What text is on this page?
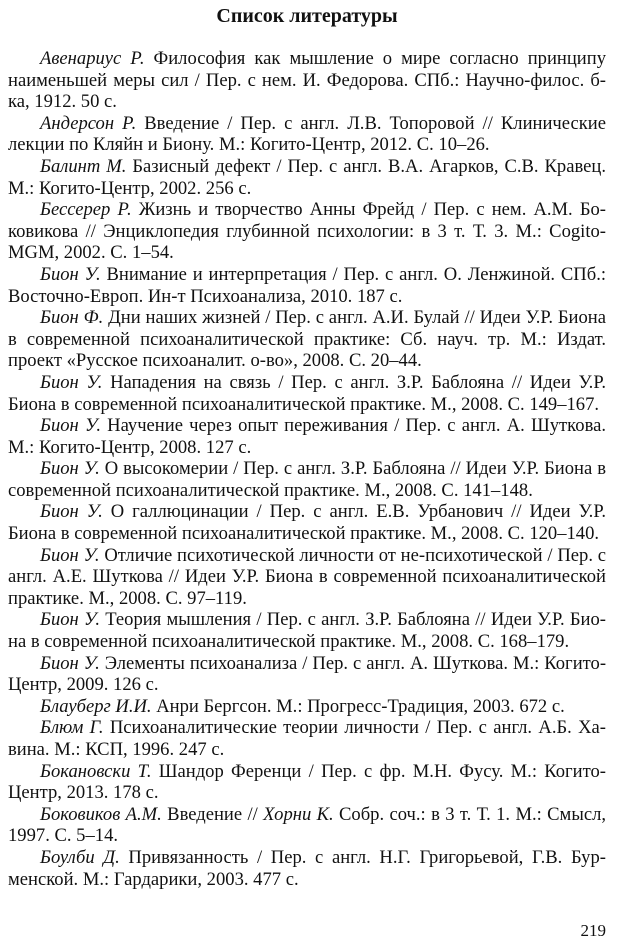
Список литературы

Авенариус Р. Философия как мышление о мире согласно принципу наименьшей меры сил / Пер. с нем. И. Федорова. СПб.: Научно-филос. б-ка, 1912. 50 с.

Андерсон Р. Введение / Пер. с англ. Л.В. Топоровой // Клинические лекции по Кляйн и Биону. М.: Когито-Центр, 2012. С. 10–26.

Балинт М. Базисный дефект / Пер. с англ. В.А. Агарков, С.В. Кравец. М.: Когито-Центр, 2002. 256 с.

Бессерер Р. Жизнь и творчество Анны Фрейд / Пер. с нем. А.М. Боковикова // Энциклопедия глубинной психологии: в 3 т. Т. 3. М.: Cogito-MGM, 2002. С. 1–54.

Бион У. Внимание и интерпретация / Пер. с англ. О. Ленжиной. СПб.: Восточно-Европ. Ин-т Психоанализа, 2010. 187 с.

Бион Ф. Дни наших жизней / Пер. с англ. А.И. Булай // Идеи У.Р. Биона в современной психоаналитической практике: Сб. науч. тр. М.: Издат. проект «Русское психоаналит. о-во», 2008. С. 20–44.

Бион У. Нападения на связь / Пер. с англ. З.Р. Баблояна // Идеи У.Р. Биона в современной психоаналитической практике. М., 2008. С. 149–167.

Бион У. Научение через опыт переживания / Пер. с англ. А. Шуткова. М.: Когито-Центр, 2008. 127 с.

Бион У. О высокомерии / Пер. с англ. З.Р. Баблояна // Идеи У.Р. Биона в современной психоаналитической практике. М., 2008. С. 141–148.

Бион У. О галлюцинации / Пер. с англ. Е.В. Урбанович // Идеи У.Р. Биона в современной психоаналитической практике. М., 2008. С. 120–140.

Бион У. Отличие психотической личности от не-психотической / Пер. с англ. А.Е. Шуткова // Идеи У.Р. Биона в современной психоаналитической практике. М., 2008. С. 97–119.

Бион У. Теория мышления / Пер. с англ. З.Р. Баблояна // Идеи У.Р. Биона в современной психоаналитической практике. М., 2008. С. 168–179.

Бион У. Элементы психоанализа / Пер. с англ. А. Шуткова. М.: Когито-Центр, 2009. 126 с.

Блауберг И.И. Анри Бергсон. М.: Прогресс-Традиция, 2003. 672 с.

Блюм Г. Психоаналитические теории личности / Пер. с англ. А.Б. Хавина. М.: КСП, 1996. 247 с.

Бокановски Т. Шандор Ференци / Пер. с фр. М.Н. Фусу. М.: Когито-Центр, 2013. 178 с.

Боковиков А.М. Введение // Хорни К. Собр. соч.: в 3 т. Т. 1. М.: Смысл, 1997. С. 5–14.

Боулби Д. Привязанность / Пер. с англ. Н.Г. Григорьевой, Г.В. Бурменской. М.: Гардарики, 2003. 477 с.

219
